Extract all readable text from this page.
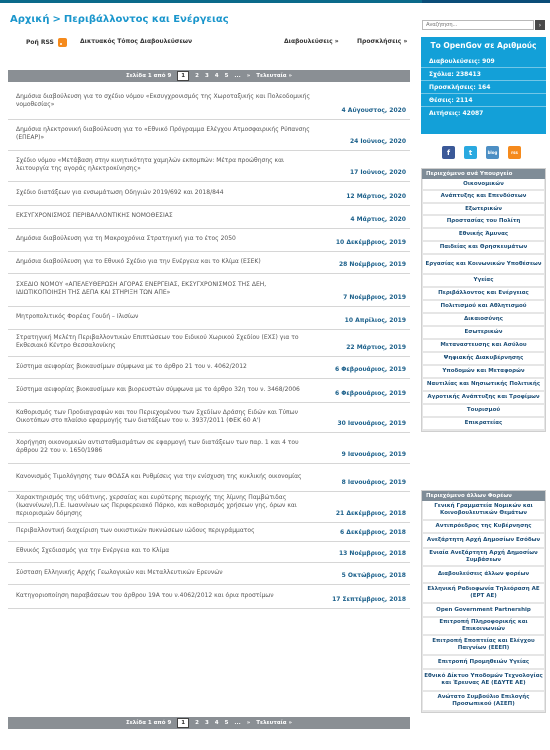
Αρχική > Περιβάλλοντος και Ενέργειας
Αναζήτηση...	›
Ροή RSS	Δικτυακός Τόπος Διαβουλεύσεων	Διαβουλεύσεις »	Προσκλήσεις »
Σελίδα 1 από 9	1	2 3 4 5 ... » Τελευταία »
Δημόσια διαβούλευση για το σχέδιο νόμου «Εκσυγχρονισμός της Χωροταξικής και Πολεοδομικής νομοθεσίας»
4 Αύγουστος, 2020
Δημόσια ηλεκτρονική διαβούλευση για το «Εθνικό Πρόγραμμα Ελέγχου Ατμοσφαιρικής Ρύπανσης (ΕΠΕΑΡ)»
24 Ιούνιος, 2020
Σχέδιο νόμου «Μετάβαση στην κινητικότητα χαμηλών εκπομπών: Μέτρα προώθησης και λειτουργία της αγοράς ηλεκτροκίνησης»
17 Ιούνιος, 2020
Σχέδιο διατάξεων για ενσωμάτωση Οδηγιών 2019/692 και 2018/844
12 Μάρτιος, 2020
ΕΚΣΥΓΧΡΟΝΙΣΜΟΣ ΠΕΡΙΒΑΛΛΟΝΤΙΚΗΣ ΝΟΜΟΘΕΣΙΑΣ
4 Μάρτιος, 2020
Δημόσια διαβούλευση για τη Μακροχρόνια Στρατηγική για το έτος 2050
10 Δεκέμβριος, 2019
Δημόσια διαβούλευση για το Εθνικό Σχέδιο για την Ενέργεια και το Κλίμα (ΕΣΕΚ)	28 Νοέμβριος, 2019
ΣΧΕΔΙΟ ΝΟΜΟΥ «ΑΠΕΛΕΥΘΕΡΩΣΗ ΑΓΟΡΑΣ ΕΝΕΡΓΕΙΑΣ, ΕΚΣΥΓΧΡΟΝΙΣΜΟΣ ΤΗΣ ΔΕΗ, ΙΔΙΩΤΙΚΟΠΟΙΗΣΗ ΤΗΣ ΔΕΠΑ ΚΑΙ ΣΤΗΡΙΞΗ ΤΩΝ ΑΠΕ»
7 Νοέμβριος, 2019
Μητροπολιτικός Φορέας Γουδή – Ιλισίων
10 Απρίλιος, 2019
Στρατηγική Μελέτη Περιβαλλοντικών Επιπτώσεων του Ειδικού Χωρικού Σχεδίου (ΕΧΣ) για το Εκθεσιακό Κέντρο Θεσσαλονίκης	22 Μάρτιος, 2019
Σύστημα αειφορίας βιοκαυσίμων σύμφωνα με το άρθρο 21 του ν. 4062/2012	6 Φεβρουάριος, 2019
Σύστημα αειφορίας βιοκαυσίμων και βιορευστών σύμφωνα με το άρθρο 32η του ν. 3468/2006
6 Φεβρουάριος, 2019
Καθορισμός των Προδιαγραφών και του Περιεχομένου των Σχεδίων Δράσης Ειδών και Τύπων Οικοτόπων στο πλαίσιο εφαρμογής των διατάξεων του ν. 3937/2011 (ΦΕΚ 60 Α')	30 Ιανουάριος, 2019
Χορήγηση οικονομικών αντισταθμισμάτων σε εφαρμογή των διατάξεων των παρ. 1 και 4 του άρθρου 22 του ν. 1650/1986
9 Ιανουάριος, 2019
Κανονισμός Τιμολόγησης των ΦΟΔΣΑ και Ρυθμίσεις για την ενίσχυση της κυκλικής οικονομίας
8 Ιανουάριος, 2019
Χαρακτηρισμός της υδάτινης, χερσαίας και ευρύτερης περιοχής της λίμνης Παμβώτιδας (Ιωαννίνων),Π.Ε. Ιωαννίνων ως Περιφερειακό Πάρκο, και καθορισμός χρήσεων γης, όρων και περιορισμών δόμησης	21 Δεκέμβριος, 2018
Περιβαλλοντική διαχείριση των οικιστικών πυκνώσεων ιώδους περιγράμματος	6 Δεκέμβριος, 2018
Εθνικός Σχεδιασμός για την Ενέργεια και το Κλίμα	13 Νοέμβριος, 2018
Σύσταση Ελληνικής Αρχής Γεωλογικών και Μεταλλευτικών Ερευνών	5 Οκτώβριος, 2018
Κατηγοριοποίηση παραβάσεων του άρθρου 19Α του ν.4062/2012 και όρια προστίμων
17 Σεπτέμβριος, 2018
Σελίδα 1 από 9	1	2 3 4 5 ... » Τελευταία »
Το OpenGov σε Αριθμούς
Διαβουλεύσεις: 909
Σχόλια: 238413
Προσκλήσεις: 164
Θέσεις: 2114
Αιτήσεις: 42087
f	t	blog	rss
Περιεχόμενο ανά Υπουργείο
Οικονομικών
Ανάπτυξης και Επενδύσεων
Εξωτερικών
Προστασίας του Πολίτη
Εθνικής Άμυνας
Παιδείας και Θρησκευμάτων
Εργασίας και Κοινωνικών Υποθέσεων
Υγείας
Περιβάλλοντος και Ενέργειας
Πολιτισμού και Αθλητισμού
Δικαιοσύνης
Εσωτερικών
Μεταναστευσης και Ασύλου
Ψηφιακής Διακυβέρνησης
Υποδομών και Μεταφορών
Ναυτιλίας και Νησιωτικής Πολιτικής
Αγροτικής Ανάπτυξης και Τροφίμων
Τουρισμού
Επικρατείας
Περιεχόμενο άλλων Φορέων
Γενική Γραμματεία Νομικών και Κοινοβουλευτικών Θεμάτων
Αντιπρόεδρος της Κυβέρνησης
Ανεξάρτητη Αρχή Δημοσίων Εσόδων
Ενιαία Ανεξάρτητη Αρχή Δημοσίων Συμβάσεων
Διαβουλεύσεις άλλων φορέων
Ελληνική Ραδιοφωνία Τηλεόραση ΑΕ (ΕΡΤ ΑΕ)
Open Government Partnership
Επιτροπή Πληροφορικής και Επικοινωνιών
Επιτροπή Εποπτείας και Ελέγχου Παιγνίων (ΕΕΕΠ)
Επιτροπή Προμηθειών Υγείας
Εθνικό Δίκτυο Υποδομών Τεχνολογίας και Έρευνας ΑΕ (ΕΔΥΤΕ ΑΕ)
Ανώτατο Συμβούλιο Επιλογής Προσωπικού (ΑΣΕΠ)
